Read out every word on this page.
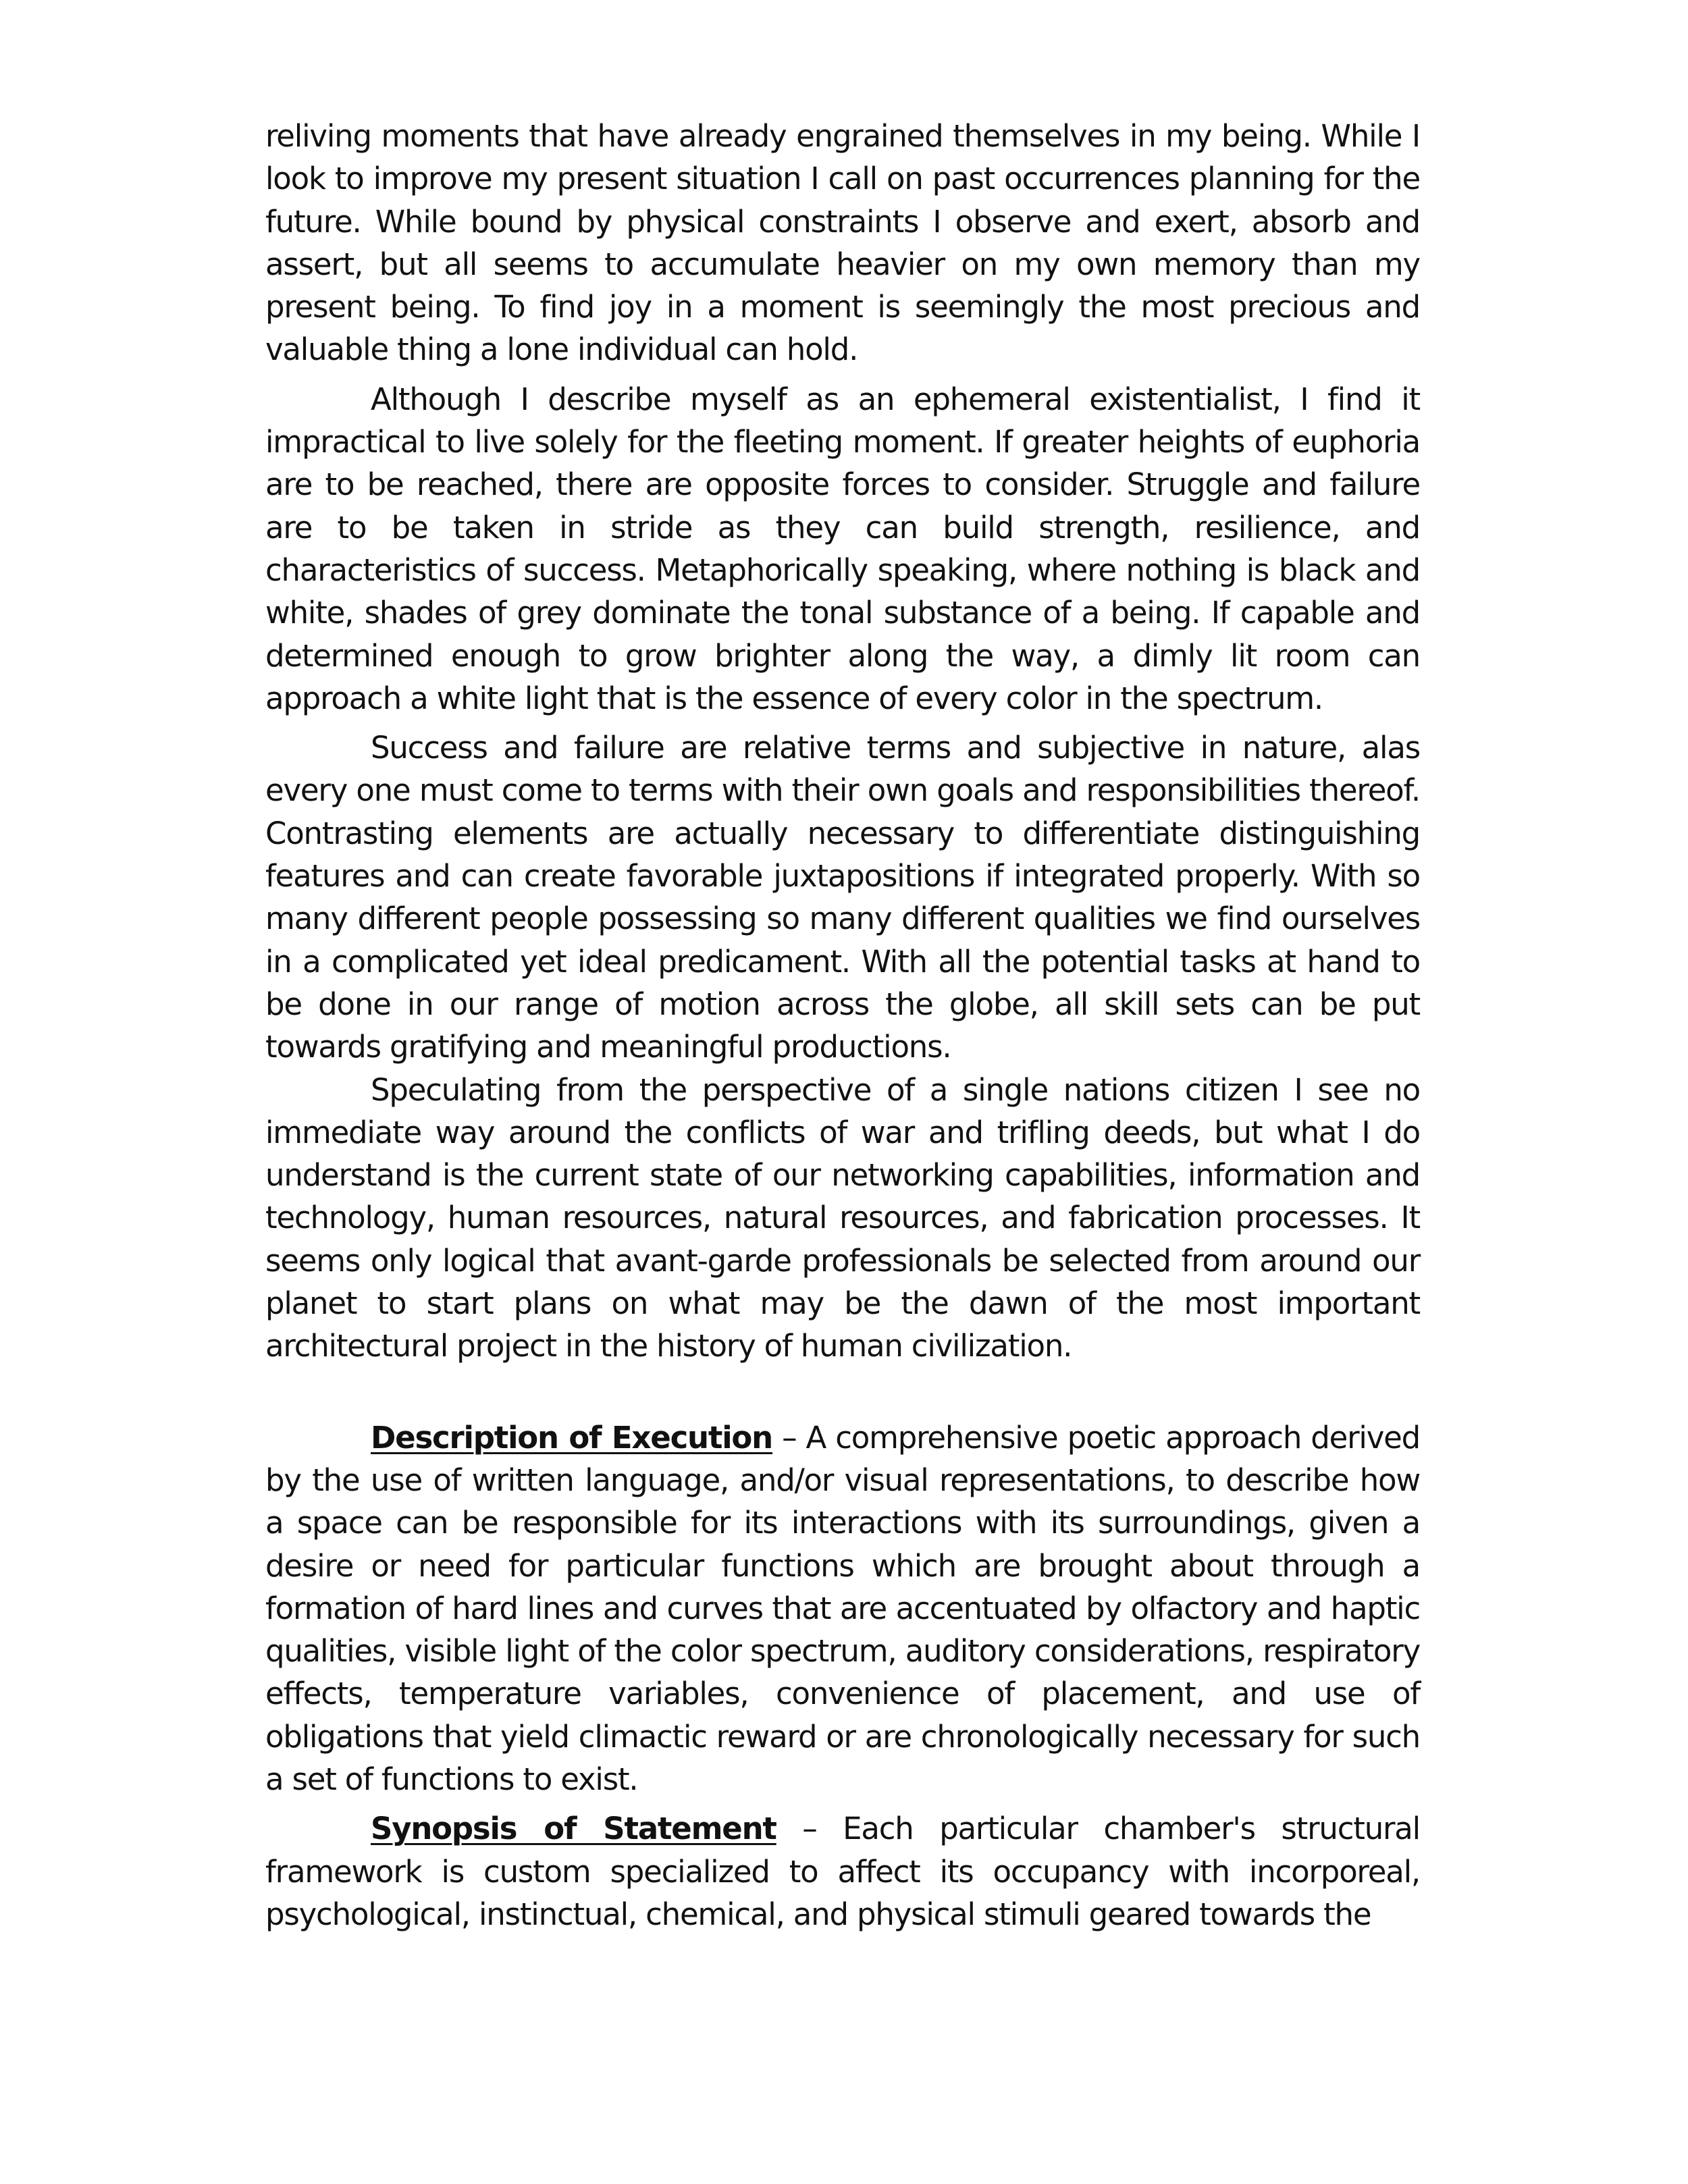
reliving moments that have already engrained themselves in my being. While I look to improve my present situation I call on past occurrences planning for the future. While bound by physical constraints I observe and exert, absorb and assert, but all seems to accumulate heavier on my own memory than my present being. To find joy in a moment is seemingly the most precious and valuable thing a lone individual can hold.

Although I describe myself as an ephemeral existentialist, I find it impractical to live solely for the fleeting moment. If greater heights of euphoria are to be reached, there are opposite forces to consider. Struggle and failure are to be taken in stride as they can build strength, resilience, and characteristics of success. Metaphorically speaking, where nothing is black and white, shades of grey dominate the tonal substance of a being. If capable and determined enough to grow brighter along the way, a dimly lit room can approach a white light that is the essence of every color in the spectrum.

Success and failure are relative terms and subjective in nature, alas every one must come to terms with their own goals and responsibilities thereof. Contrasting elements are actually necessary to differentiate distinguishing features and can create favorable juxtapositions if integrated properly. With so many different people possessing so many different qualities we find ourselves in a complicated yet ideal predicament. With all the potential tasks at hand to be done in our range of motion across the globe, all skill sets can be put towards gratifying and meaningful productions.

Speculating from the perspective of a single nations citizen I see no immediate way around the conflicts of war and trifling deeds, but what I do understand is the current state of our networking capabilities, information and technology, human resources, natural resources, and fabrication processes. It seems only logical that avant-garde professionals be selected from around our planet to start plans on what may be the dawn of the most important architectural project in the history of human civilization.

Description of Execution – A comprehensive poetic approach derived by the use of written language, and/or visual representations, to describe how a space can be responsible for its interactions with its surroundings, given a desire or need for particular functions which are brought about through a formation of hard lines and curves that are accentuated by olfactory and haptic qualities, visible light of the color spectrum, auditory considerations, respiratory effects, temperature variables, convenience of placement, and use of obligations that yield climactic reward or are chronologically necessary for such a set of functions to exist.

Synopsis of Statement – Each particular chamber's structural framework is custom specialized to affect its occupancy with incorporeal, psychological, instinctual, chemical, and physical stimuli geared towards the
